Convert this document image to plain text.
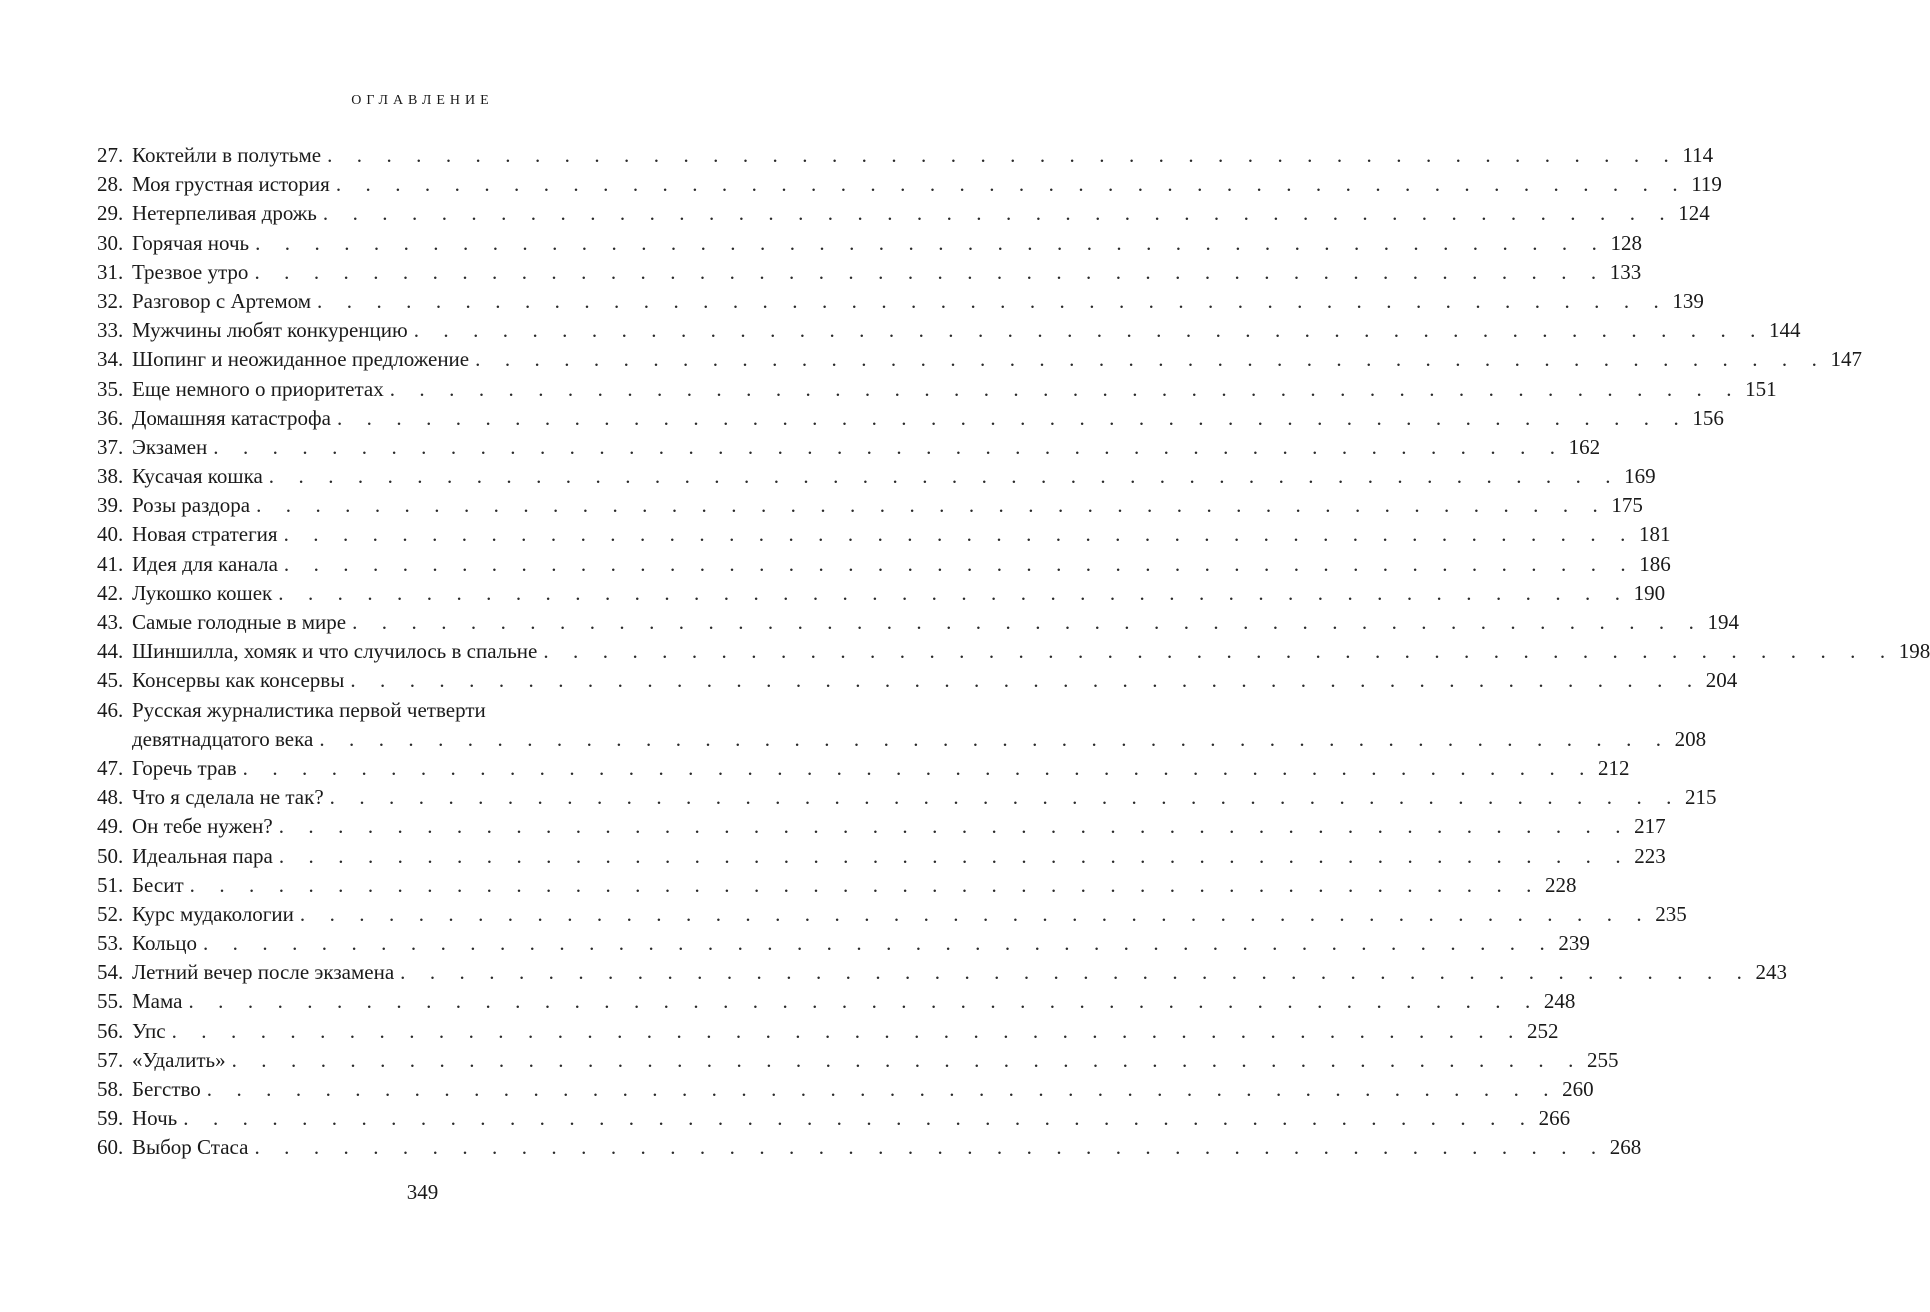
ОГЛАВЛЕНИЕ
27. Коктейли в полутьме . . . . . . . . . . . . . . . . . . . . . . . . . . . . . . . . . . . . . . . . . . . . . . 114
28. Моя грустная история . . . . . . . . . . . . . . . . . . . . . . . . . . . . . . . . . . . . . . . . . . . . . . 119
29. Нетерпеливая дрожь . . . . . . . . . . . . . . . . . . . . . . . . . . . . . . . . . . . . . . . . . . . . . . 124
30. Горячая ночь . . . . . . . . . . . . . . . . . . . . . . . . . . . . . . . . . . . . . . . . . . . . . . 128
31. Трезвое утро . . . . . . . . . . . . . . . . . . . . . . . . . . . . . . . . . . . . . . . . . . . . . . 133
32. Разговор с Артемом . . . . . . . . . . . . . . . . . . . . . . . . . . . . . . . . . . . . . . . . . . . . . . 139
33. Мужчины любят конкуренцию . . . . . . . . . . . . . . . . . . . . . . . . . . . . . . . . . . . . . . . . . . . . . . 144
34. Шопинг и неожиданное предложение . . . . . . . . . . . . . . . . . . . . . . . . . . . . . . . . . . . . . . . . . . . . . . 147
35. Еще немного о приоритетах . . . . . . . . . . . . . . . . . . . . . . . . . . . . . . . . . . . . . . . . . . . . . . 151
36. Домашняя катастрофа . . . . . . . . . . . . . . . . . . . . . . . . . . . . . . . . . . . . . . . . . . . . . . 156
37. Экзамен . . . . . . . . . . . . . . . . . . . . . . . . . . . . . . . . . . . . . . . . . . . . . . 162
38. Кусачая кошка . . . . . . . . . . . . . . . . . . . . . . . . . . . . . . . . . . . . . . . . . . . . . . 169
39. Розы раздора . . . . . . . . . . . . . . . . . . . . . . . . . . . . . . . . . . . . . . . . . . . . . . 175
40. Новая стратегия . . . . . . . . . . . . . . . . . . . . . . . . . . . . . . . . . . . . . . . . . . . . . . 181
41. Идея для канала . . . . . . . . . . . . . . . . . . . . . . . . . . . . . . . . . . . . . . . . . . . . . . 186
42. Лукошко кошек . . . . . . . . . . . . . . . . . . . . . . . . . . . . . . . . . . . . . . . . . . . . . . 190
43. Самые голодные в мире . . . . . . . . . . . . . . . . . . . . . . . . . . . . . . . . . . . . . . . . . . . . . . 194
44. Шиншилла, хомяк и что случилось в спальне . . . . . . . . . . . . . . . . . . . . . . . . . . . . . . . . . . . . . . . . . . . . . . 198
45. Консервы как консервы . . . . . . . . . . . . . . . . . . . . . . . . . . . . . . . . . . . . . . . . . . . . . . 204
46. Русская журналистика первой четверти
девятнадцатого века . . . . . . . . . . . . . . . . . . . . . . . . . . . . . . . . . . . . . . . . . . . . . . 208
47. Горечь трав . . . . . . . . . . . . . . . . . . . . . . . . . . . . . . . . . . . . . . . . . . . . . . 212
48. Что я сделала не так? . . . . . . . . . . . . . . . . . . . . . . . . . . . . . . . . . . . . . . . . . . . . . . 215
49. Он тебе нужен? . . . . . . . . . . . . . . . . . . . . . . . . . . . . . . . . . . . . . . . . . . . . . . 217
50. Идеальная пара . . . . . . . . . . . . . . . . . . . . . . . . . . . . . . . . . . . . . . . . . . . . . . 223
51. Бесит . . . . . . . . . . . . . . . . . . . . . . . . . . . . . . . . . . . . . . . . . . . . . . 228
52. Курс мудакологии . . . . . . . . . . . . . . . . . . . . . . . . . . . . . . . . . . . . . . . . . . . . . . 235
53. Кольцо . . . . . . . . . . . . . . . . . . . . . . . . . . . . . . . . . . . . . . . . . . . . . . 239
54. Летний вечер после экзамена . . . . . . . . . . . . . . . . . . . . . . . . . . . . . . . . . . . . . . . . . . . . . . 243
55. Мама . . . . . . . . . . . . . . . . . . . . . . . . . . . . . . . . . . . . . . . . . . . . . . 248
56. Упс . . . . . . . . . . . . . . . . . . . . . . . . . . . . . . . . . . . . . . . . . . . . . . 252
57. «Удалить» . . . . . . . . . . . . . . . . . . . . . . . . . . . . . . . . . . . . . . . . . . . . . . 255
58. Бегство . . . . . . . . . . . . . . . . . . . . . . . . . . . . . . . . . . . . . . . . . . . . . . 260
59. Ночь . . . . . . . . . . . . . . . . . . . . . . . . . . . . . . . . . . . . . . . . . . . . . . 266
60. Выбор Стаса . . . . . . . . . . . . . . . . . . . . . . . . . . . . . . . . . . . . . . . . . . . . . . 268
349
